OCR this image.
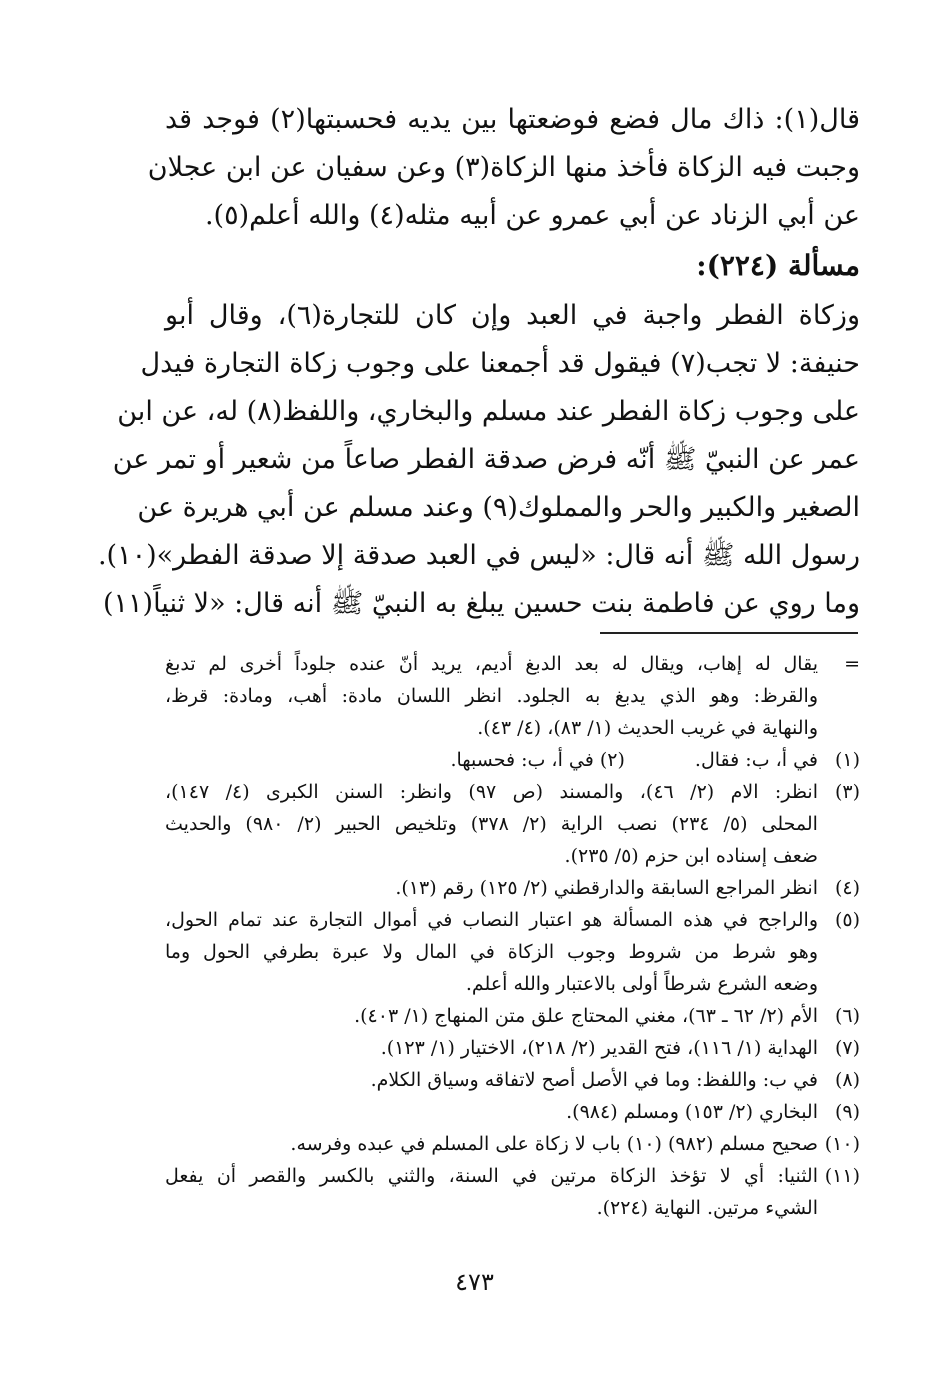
قال(١): ذاك مال فضع فوضعتها بين يديه فحسبتها(٢) فوجد قد
وجبت فيه الزكاة فأخذ منها الزكاة(٣) وعن سفيان عن ابن عجلان
عن أبي الزناد عن أبي عمرو عن أبيه مثله(٤) والله أعلم(٥).
مسألة (٢٢٤):
وزكاة الفطر واجبة في العبد وإن كان للتجارة(٦)، وقال أبو
حنيفة: لا تجب(٧) فيقول قد أجمعنا على وجوب زكاة التجارة فيدل
على وجوب زكاة الفطر عند مسلم والبخاري، واللفظ(٨) له، عن ابن
عمر عن النبيّ ﷺ أنّه فرض صدقة الفطر صاعاً من شعير أو تمر عن
الصغير والكبير والحر والمملوك(٩) وعند مسلم عن أبي هريرة عن
رسول الله ﷺ أنه قال: «ليس في العبد صدقة إلا صدقة الفطر»(١٠).
وما روي عن فاطمة بنت حسين يبلغ به النبيّ ﷺ أنه قال: «لا ثنياً(١١)
=
يقال له إهاب، ويقال له بعد الدبغ أديم، يريد أنّ عنده جلوداً أخرى لم تدبغ
والقرظ: وهو الذي يدبغ به الجلود. انظر اللسان مادة: أهب، ومادة: قرظ،
والنهاية في غريب الحديث (١/ ٨٣)، (٤/ ٤٣).
(١)
في أ، ب: فقال.
(٢) في أ، ب: فحسبها.
(٣)
انظر: الام (٢/ ٤٦)، والمسند (ص ٩٧) وانظر: السنن الكبرى (٤/ ١٤٧)،
المحلى (٥/ ٢٣٤) نصب الراية (٢/ ٣٧٨) وتلخيص الحبير (٢/ ٩٨٠) والحديث
ضعف إسناده ابن حزم (٥/ ٢٣٥).
(٤)
انظر المراجع السابقة والدارقطني (٢/ ١٢٥) رقم (١٣).
(٥)
والراجح في هذه المسألة هو اعتبار النصاب في أموال التجارة عند تمام الحول،
وهو شرط من شروط وجوب الزكاة في المال ولا عبرة بطرفي الحول وما
وضعه الشرع شرطاً أولى بالاعتبار والله أعلم.
(٦)
الأم (٢/ ٦٢ ـ ٦٣)، مغني المحتاج علق متن المنهاج (١/ ٤٠٣).
(٧)
الهداية (١/ ١١٦)، فتح القدير (٢/ ٢١٨)، الاختيار (١/ ١٢٣).
(٨)
في ب: واللفظ: وما في الأصل أصح لاتفاقه وسياق الكلام.
(٩)
البخاري (٢/ ١٥٣) ومسلم (٩٨٤).
(١٠)
صحيح مسلم (٩٨٢) (١٠) باب لا زكاة على المسلم في عبده وفرسه.
(١١)
الثنيا: أي لا تؤخذ الزكاة مرتين في السنة، والثني بالكسر والقصر أن يفعل
الشيء مرتين. النهاية (٢٢٤).
٤٧٣
